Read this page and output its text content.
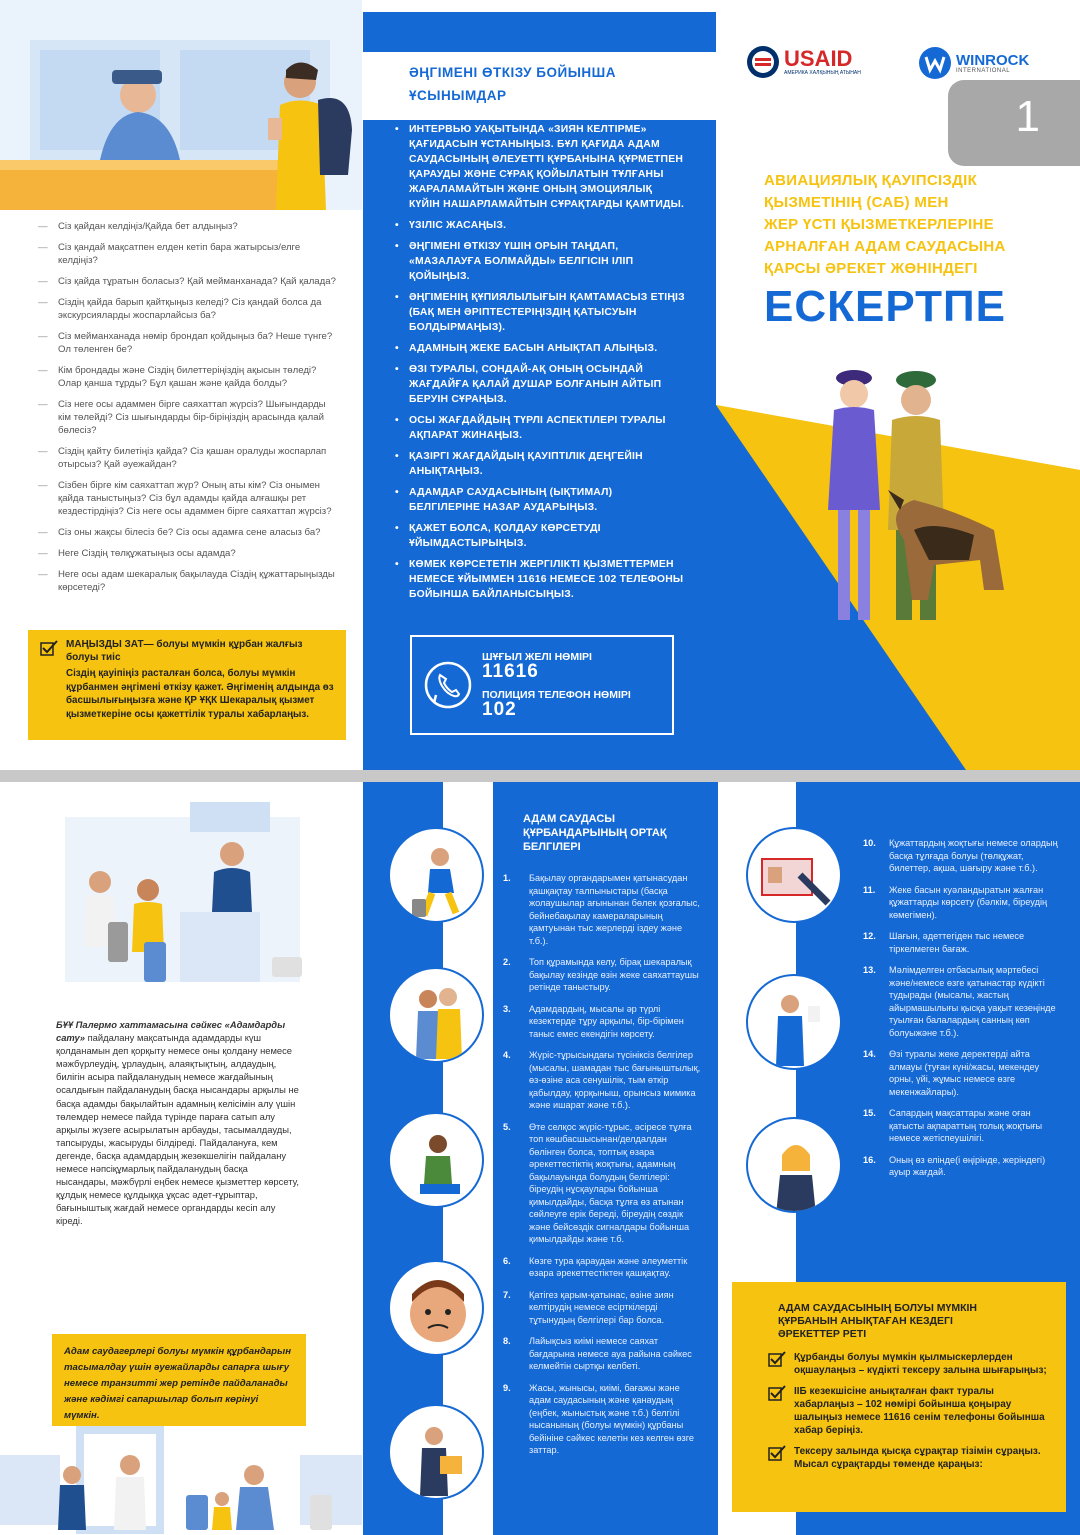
— Сіз қайдан келдіңіз/Қайда бет алдыңыз?
— Сіз қандай мақсатпен елден кетіп бара жатырсыз/елге келдіңіз?
— Сіз қайда тұратын боласыз? Қай мейманханада? Қай қалада?
— Сіздің қайда барып қайтқыңыз келеді? Сіз қандай болса да экскурсияларды жоспарлайсыз ба?
— Сіз мейманханада нөмір брондап қойдыңыз ба? Неше түнге? Ол төленген бе?
— Кім брондады және Сіздің билеттеріңіздің ақысын төледі? Олар қанша тұрды? Бұл қашан және қайда болды?
— Сіз неге осы адаммен бірге саяхаттап жүрсіз? Шығындарды кім төлейді? Сіз шығындарды бір-біріңіздің арасында қалай бөлесіз?
— Сіздің қайту билетіңіз қайда? Сіз қашан оралуды жоспарлап отырсыз? Қай әуежайдан?
— Сізбен бірге кім саяхаттап жүр? Оның аты кім? Сіз онымен қайда таныстыңыз? Сіз бұл адамды қайда алғашқы рет кездестірдіңіз? Сіз неге осы адаммен бірге саяхаттап жүрсіз?
— Сіз оны жақсы білесіз бе? Сіз осы адамға сене аласыз ба?
— Неге Сіздің төлқұжатыңыз осы адамда?
— Неге осы адам шекаралық бақылауда Сіздің құжаттарыңызды көрсетеді?
МАҢЫЗДЫ ЗАТ— болуы мүмкін құрбан жалғыз болуы тиіс
Сіздің қауіпіңіз расталған болса, болуы мүмкін құрбанмен әңгімені өткізу қажет. Әңгіменің алдында өз басшылығыңызға және ҚР ҰҚК Шекаралық қызмет қызметкеріне осы қажеттілік туралы хабарлаңыз.
ӘҢГІМЕНІ ӨТКІЗУ БОЙЫНША
ҰСЫНЫМДАР
• ИНТЕРВЬЮ УАҚЫТЫНДА «ЗИЯН КЕЛТІРМЕ» ҚАҒИДАСЫН ҰСТАНЫҢЫЗ. БҰЛ ҚАҒИДА АДАМ САУДАСЫНЫҢ ӘЛЕУЕТТІ ҚҰРБАНЫНА ҚҰРМЕТПЕН ҚАРАУДЫ ЖӘНЕ СҰРАҚ ҚОЙЫЛАТЫН ТҰЛҒАНЫ ЖАРАЛАМАЙТЫН ЖӘНЕ ОНЫҢ ЭМОЦИЯЛЫҚ КҮЙІН НАШАРЛАМАЙТЫН СҰРАҚТАРДЫ ҚАМТИДЫ.
• ҮЗІЛІС ЖАСАҢЫЗ.
• ӘҢГІМЕНІ ӨТКІЗУ ҮШІН ОРЫН ТАҢДАП, «МАЗАЛАУҒА БОЛМАЙДЫ» БЕЛГІСІН ІЛІП ҚОЙЫҢЫЗ.
• ӘҢГІМЕНІҢ ҚҰПИЯЛЫЛЫҒЫН ҚАМТАМАСЫЗ ЕТІҢІЗ (БАҚ МЕН ӘРІПТЕСТЕРІҢІЗДІҢ ҚАТЫСУЫН БОЛДЫРМАҢЫЗ).
• АДАМНЫҢ ЖЕКЕ БАСЫН АНЫҚТАП АЛЫҢЫЗ.
• ӨЗІ ТУРАЛЫ, СОНДАЙ-АҚ ОНЫҢ ОСЫНДАЙ ЖАҒДАЙҒА ҚАЛАЙ ДУШАР БОЛҒАНЫН АЙТЫП БЕРУІН СҰРАҢЫЗ.
• ОСЫ ЖАҒДАЙДЫҢ ТҮРЛІ АСПЕКТІЛЕРІ ТУРАЛЫ АҚПАРАТ ЖИНАҢЫЗ.
• ҚАЗІРГІ ЖАҒДАЙДЫҢ ҚАУІПТІЛІК ДЕҢГЕЙІН АНЫҚТАҢЫЗ.
• АДАМДАР САУДАСЫНЫҢ (ЫҚТИМАЛ) БЕЛГІЛЕРІНЕ НАЗАР АУДАРЫҢЫЗ.
• ҚАЖЕТ БОЛСА, ҚОЛДАУ КӨРСЕТУДІ ҰЙЫМДАСТЫРЫҢЫЗ.
• КӨМЕК КӨРСЕТЕТІН ЖЕРГІЛІКТІ ҚЫЗМЕТТЕРМЕН НЕМЕСЕ ҰЙЫММЕН 11616 НЕМЕСЕ 102 ТЕЛЕФОНЫ БОЙЫНША БАЙЛАНЫСЫҢЫЗ.
ШҰҒЫЛ ЖЕЛІ НӨМІРІ
11616
ПОЛИЦИЯ ТЕЛЕФОН НӨМІРІ
102
USAID
АМЕРИКА ХАЛҚЫНЫҢ АТЫНАН
WINROCK
INTERNATIONAL
1
АВИАЦИЯЛЫҚ ҚАУІПСІЗДІК
ҚЫЗМЕТІНІҢ (САБ) МЕН
ЖЕР ҮСТІ ҚЫЗМЕТКЕРЛЕРІНЕ
АРНАЛҒАН АДАМ САУДАСЫНА
ҚАРСЫ ӘРЕКЕТ ЖӨНІНДЕГІ
ЕСКЕРТПЕ
БҰҰ Палермо хаттамасына сәйкес «Адамдарды сату» пайдалану мақсатында адамдарды күш қолданамын деп қорқыту немесе оны қолдану немесе мәжбүрлеудің, ұрлаудың, алаяқтықтың, алдаудың, билігін асыра пайдаланудың немесе жағдайының осалдығын пайдаланудың басқа нысандары арқылы не басқа адамды бақылайтын адамның келісімін алу үшін төлемдер немесе пайда түрінде параға сатып алу арқылы жүзеге асырылатын арбауды, тасымалдауды, тапсыруды, жасыруды білдіреді. Пайдалануға, кем дегенде, басқа адамдардың жезөкшелігін пайдалану немесе нәпсіқұмарлық пайдаланудың басқа нысандары, мәжбүрлі еңбек немесе қызметтер көрсету, құлдық немесе құлдыққа ұқсас әдет-ғұрыптар, бағыныштық жағдай немесе органдарды кесіп алу кіреді.
Адам саудагерлері болуы мүмкін құрбандарын тасымалдау үшін әуежайларды сапарға шығу немесе транзитті жер ретінде пайдаланады және кәдімгі сапаршылар болып көрінуі мүмкін.
АДАМ САУДАСЫ
ҚҰРБАНДАРЫНЫҢ ОРТАҚ
БЕЛГІЛЕРІ
1.	Бақылау органдарымен қатынасудан қашқақтау талпыныстары (басқа жолаушылар ағынынан бөлек қозғалыс, бейнебақылау камераларының қамтуынан тыс жерлерді іздеу және т.б.).
2.	Топ құрамында келу, бірақ шекаралық бақылау кезінде өзін жеке саяхаттаушы ретінде таныстыру.
3.	Адамдардың, мысалы әр түрлі кезектерде тұру арқылы, бір-бірімен таныс емес екендігін көрсету.
4.	Жүріс-тұрысындағы түсініксіз белгілер (мысалы, шамадан тыс бағыныштылық, өз-өзіне аса сенушілік, тым өткір қабылдау, қорқыныш, орынсыз мимика және ишарат және т.б.).
5.	Өте селқос жүріс-тұрыс, әсіресе тұлға топ көшбасшысынан/делдалдан бөлінген болса, топтық өзара әрекеттестіктің жоқтығы, адамның бақылауында болудың белгілері: біреудің нұсқаулары бойынша қимылдайды, басқа тұлға өз атынан сөйлеуге ерік береді, біреудің сөздік және бейсөздік сигналдары бойынша қимылдайды және т.б.
6.	Көзге тура қараудан және әлеуметтік өзара әрекеттестіктен қашқақтау.
7.	Қатігез қарым-қатынас, өзіне зиян келтірудің немесе есірткілерді тұтынудың белгілері бар болса.
8.	Лайықсыз киімі немесе саяхат бағдарына немесе ауа райына сәйкес келмейтін сыртқы келбеті.
9.	Жасы, жынысы, киімі, бағажы және адам саудасының және қанаудың (еңбек, жыныстық және т.б.) белгілі нысанының (болуы мүмкін) құрбаны бейініне сәйкес келетін кез келген өзге заттар.
10.	Құжаттардың жоқтығы немесе олардың басқа тұлғада болуы (төлқұжат, билеттер, ақша, шағыру және т.б.).
11.	Жеке басын куәландыратын жалған құжаттарды көрсету (бәлкім, біреудің көмегімен).
12.	Шағын, әдеттегіден тыс немесе тіркелмеген бағаж.
13.	Мәлімделген отбасылық мәртебесі және/немесе өзге қатынастар күдікті тудырады (мысалы, жастың айырмашылығы қысқа уақыт кезеңінде туылған балалардың санның көп болуыжәне т.б.).
14.	Өзі туралы жеке деректерді айта алмауы (туған күні/жасы, мекендеу орны, үйі, жұмыс немесе өзге мекенжайлары).
15.	Сапардың мақсаттары және оған қатысты ақпараттың толық жоқтығы немесе жетіспеушілігі.
16.	Оның өз елінде(і өңірінде, жеріндегі) ауыр жағдай.
АДАМ САУДАСЫНЫҢ БОЛУЫ МҮМКІН
ҚҰРБАНЫН АНЫҚТАҒАН КЕЗДЕГІ
ӘРЕКЕТТЕР РЕТІ
Құрбанды болуы мүмкін қылмыскерлерден оқшаулаңыз – күдікті тексеру залына шығарыңыз;
ІІБ кезекшісіне анықталған факт туралы хабарлаңыз – 102 нөмірі бойынша қоңырау шалыңыз немесе 11616 сенім телефоны бойынша хабар беріңіз.
Тексеру залында қысқа сұрақтар тізімін сұраңыз. Мысал сұрақтарды төменде қараңыз:
